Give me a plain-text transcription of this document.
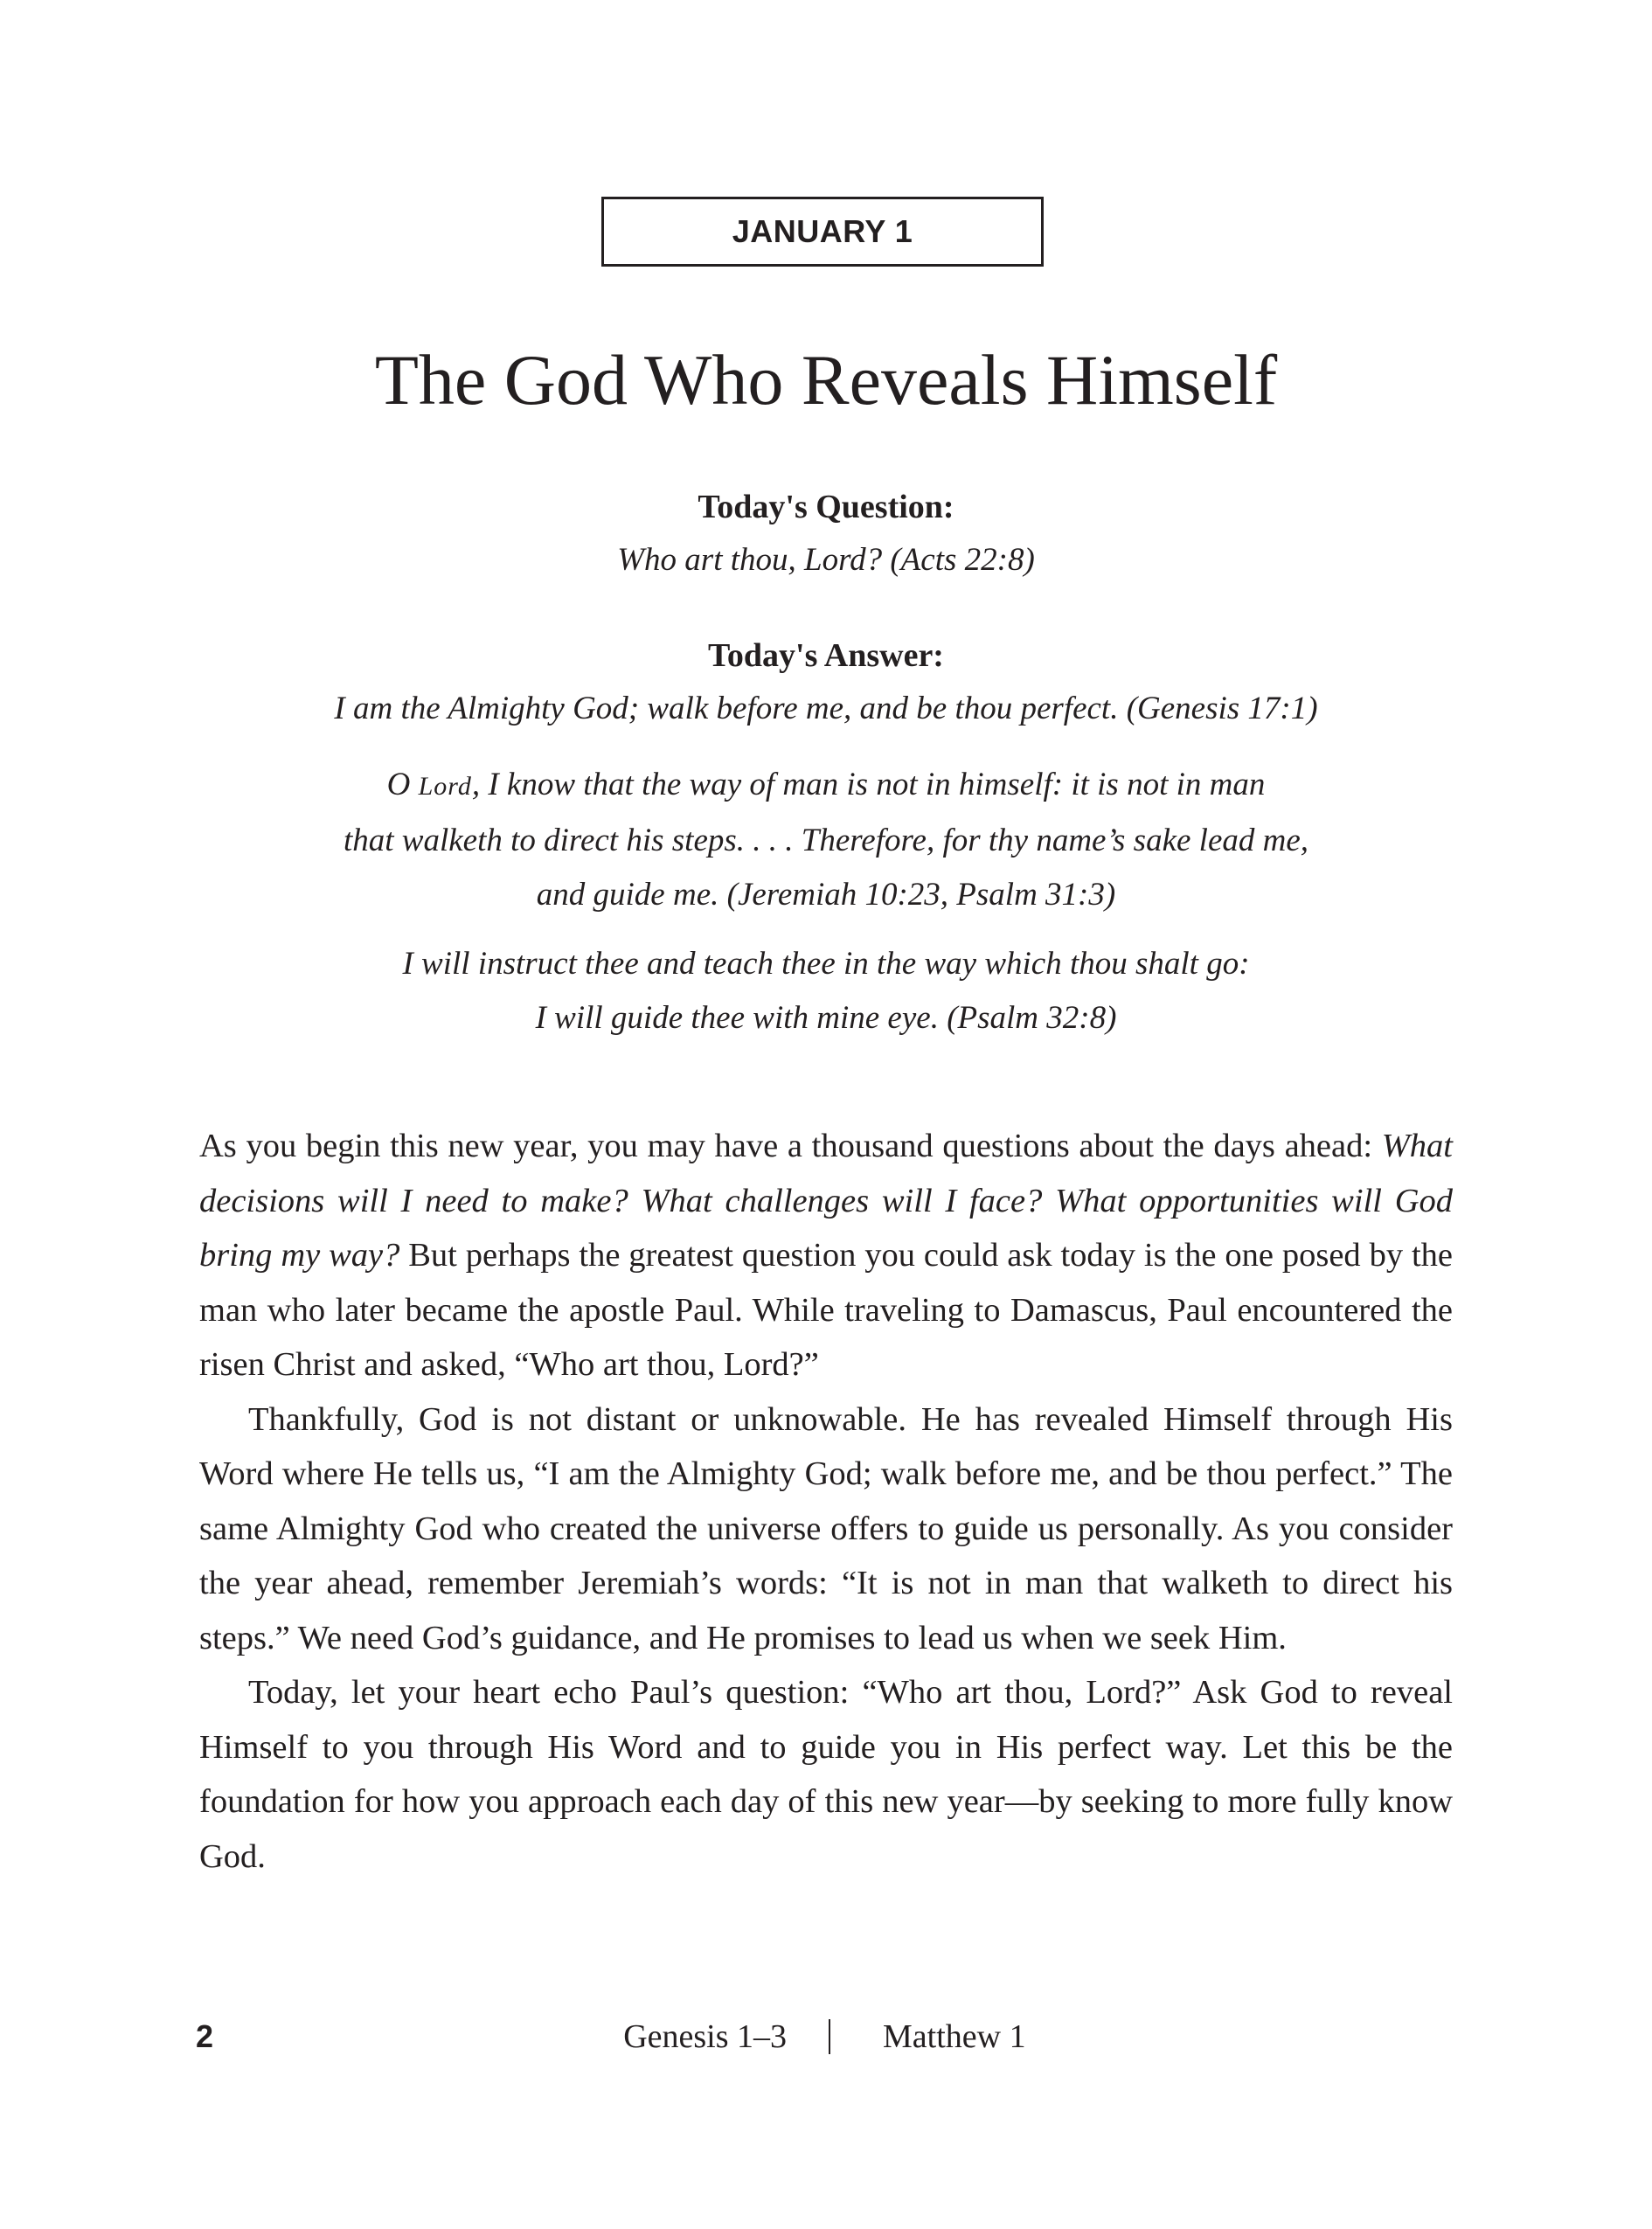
JANUARY 1
The God Who Reveals Himself

Today's Question:

Who art thou, Lord? (Acts 22:8)

Today's Answer:

I am the Almighty God; walk before me, and be thou perfect. (Genesis 17:1)

O Lord, I know that the way of man is not in himself: it is not in man

that walketh to direct his steps. . . . Therefore, for thy name’s sake lead me,

and guide me. (Jeremiah 10:23, Psalm 31:3)

I will instruct thee and teach thee in the way which thou shalt go:

I will guide thee with mine eye. (Psalm 32:8)

As you begin this new year, you may have a thousand questions about the days ahead: What decisions will I need to make? What challenges will I face? What opportunities will God bring my way? But perhaps the greatest question you could ask today is the one posed by the man who later became the apostle Paul. While traveling to Damascus, Paul encountered the risen Christ and asked, “Who art thou, Lord?”

Thankfully, God is not distant or unknowable. He has revealed Himself through His Word where He tells us, “I am the Almighty God; walk before me, and be thou perfect.” The same Almighty God who created the universe offers to guide us personally. As you consider the year ahead, remember Jeremiah’s words: “It is not in man that walketh to direct his steps.” We need God’s guidance, and He promises to lead us when we seek Him.

Today, let your heart echo Paul’s question: “Who art thou, Lord?” Ask God to reveal Himself to you through His Word and to guide you in His perfect way. Let this be the foundation for how you approach each day of this new year—by seeking to more fully know God.

2	Genesis 1–3	Matthew 1
